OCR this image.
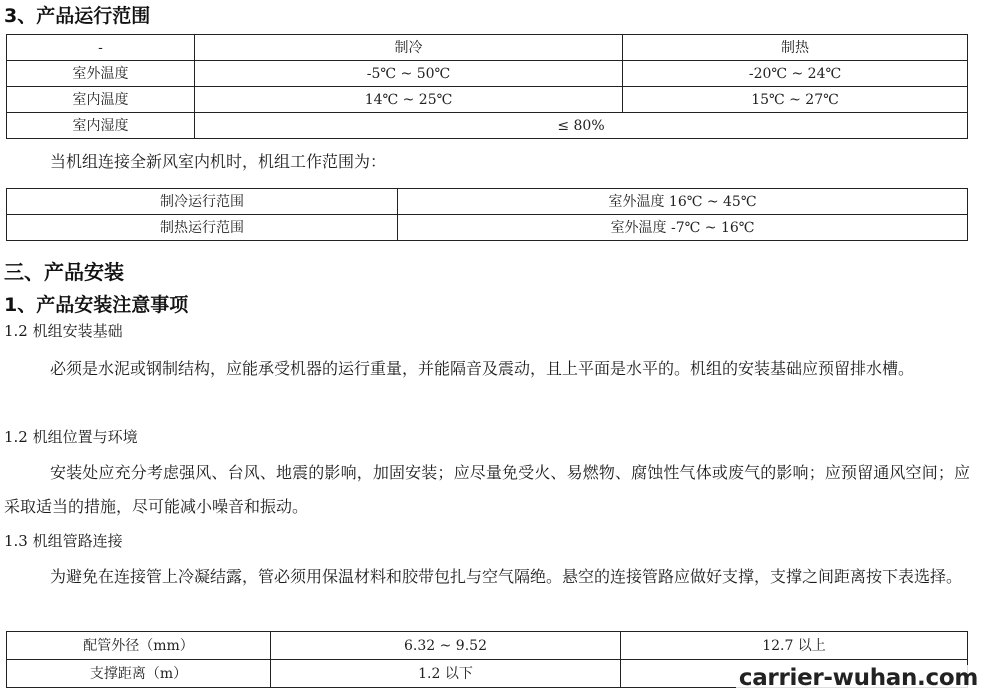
3、产品运行范围
-	制冷	制热
室外温度	-5℃ ~ 50℃	-20℃ ~ 24℃
室内温度	14℃ ~ 25℃	15℃ ~ 27℃
室内湿度	≤ 80%	
当机组连接全新风室内机时，机组工作范围为：
制冷运行范围	室外温度 16℃ ~ 45℃
制热运行范围	室外温度 -7℃ ~ 16℃
三、产品安装
1、产品安装注意事项
1.2 机组安装基础

必须是水泥或钢制结构，应能承受机器的运行重量，并能隔音及震动，且上平面是水平的。机组的安装基础应预留排水槽。

1.2 机组位置与环境

安装处应充分考虑强风、台风、地震的影响，加固安装；应尽量免受火、易燃物、腐蚀性气体或废气的影响；应预留通风空间；应采取适当的措施，尽可能减小噪音和振动。

1.3 机组管路连接

为避免在连接管上冷凝结露，管必须用保温材料和胶带包扎与空气隔绝。悬空的连接管路应做好支撑，支撑之间距离按下表选择。

配管外径（mm）	6.32 ~ 9.52	12.7 以上
支撑距离（m）	1.2 以下		carrier-wuhan.com
